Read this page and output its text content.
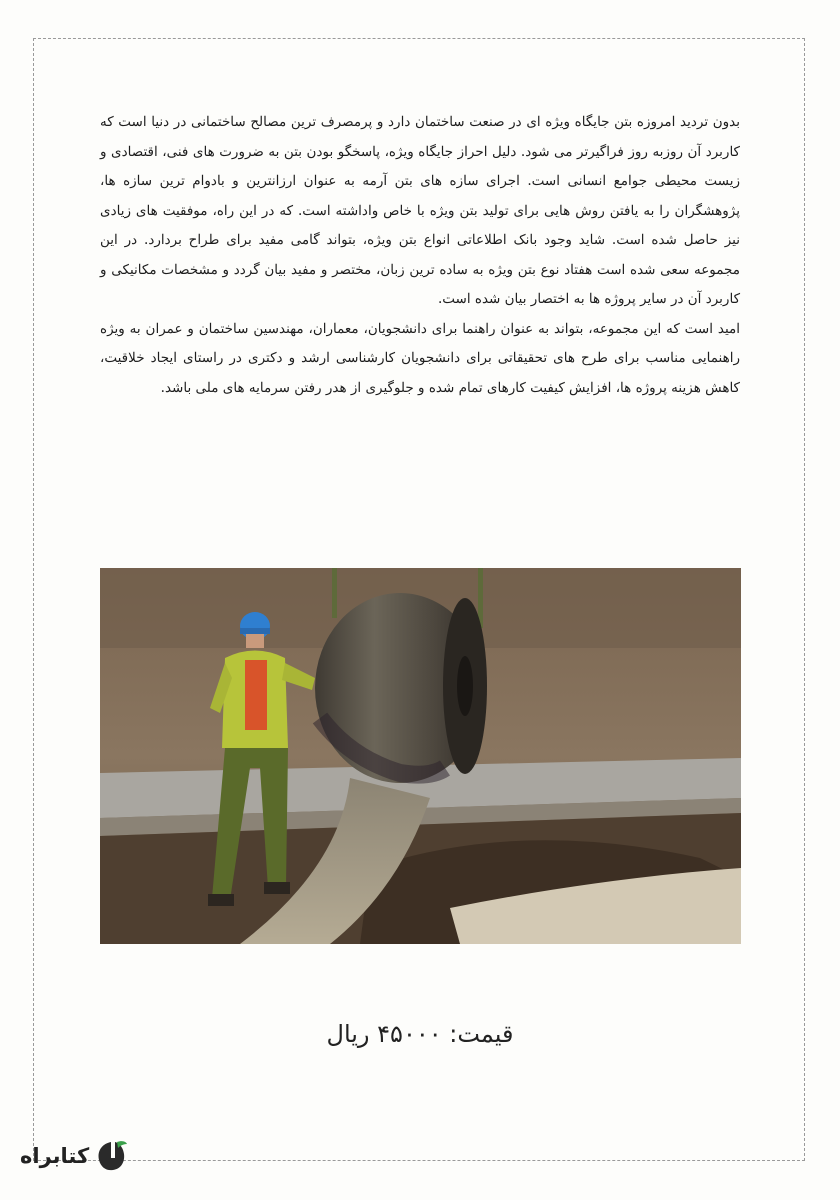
بدون تردید امروزه بتن جایگاه ویژه ای در صنعت ساختمان دارد و پرمصرف ترین مصالح ساختمانی در دنیا است که کاربرد آن روزبه روز فراگیرتر می شود. دلیل احراز جایگاه ویژه، پاسخگو بودن بتن به ضرورت های فنی، اقتصادی و زیست محیطی جوامع انسانی است. اجرای سازه های بتن آرمه به عنوان ارزانترین و بادوام ترین سازه ها، پژوهشگران را به یافتن روش هایی برای تولید بتن ویژه با خاص واداشته است. که در این راه، موفقیت های زیادی نیز حاصل شده است. شاید وجود بانک اطلاعاتی انواع بتن ویژه، بتواند گامی مفید برای طراح بردارد. در این مجموعه سعی شده است هفتاد نوع بتن ویژه به ساده ترین زبان، مختصر و مفید بیان گردد و مشخصات مکانیکی و کاربرد آن در سایر پروژه ها به اختصار بیان شده است.

امید است که این مجموعه، بتواند به عنوان راهنما برای دانشجویان، معماران، مهندسین ساختمان و عمران به ویژه راهنمایی مناسب برای طرح های تحقیقاتی برای دانشجویان کارشناسی ارشد و دکتری در راستای ایجاد خلاقیت، کاهش هزینه پروژه ها، افزایش کیفیت کارهای تمام شده و جلوگیری از هدر رفتن سرمایه های ملی باشد.

قیمت: ۴۵۰۰۰ ریال
کتابراه
